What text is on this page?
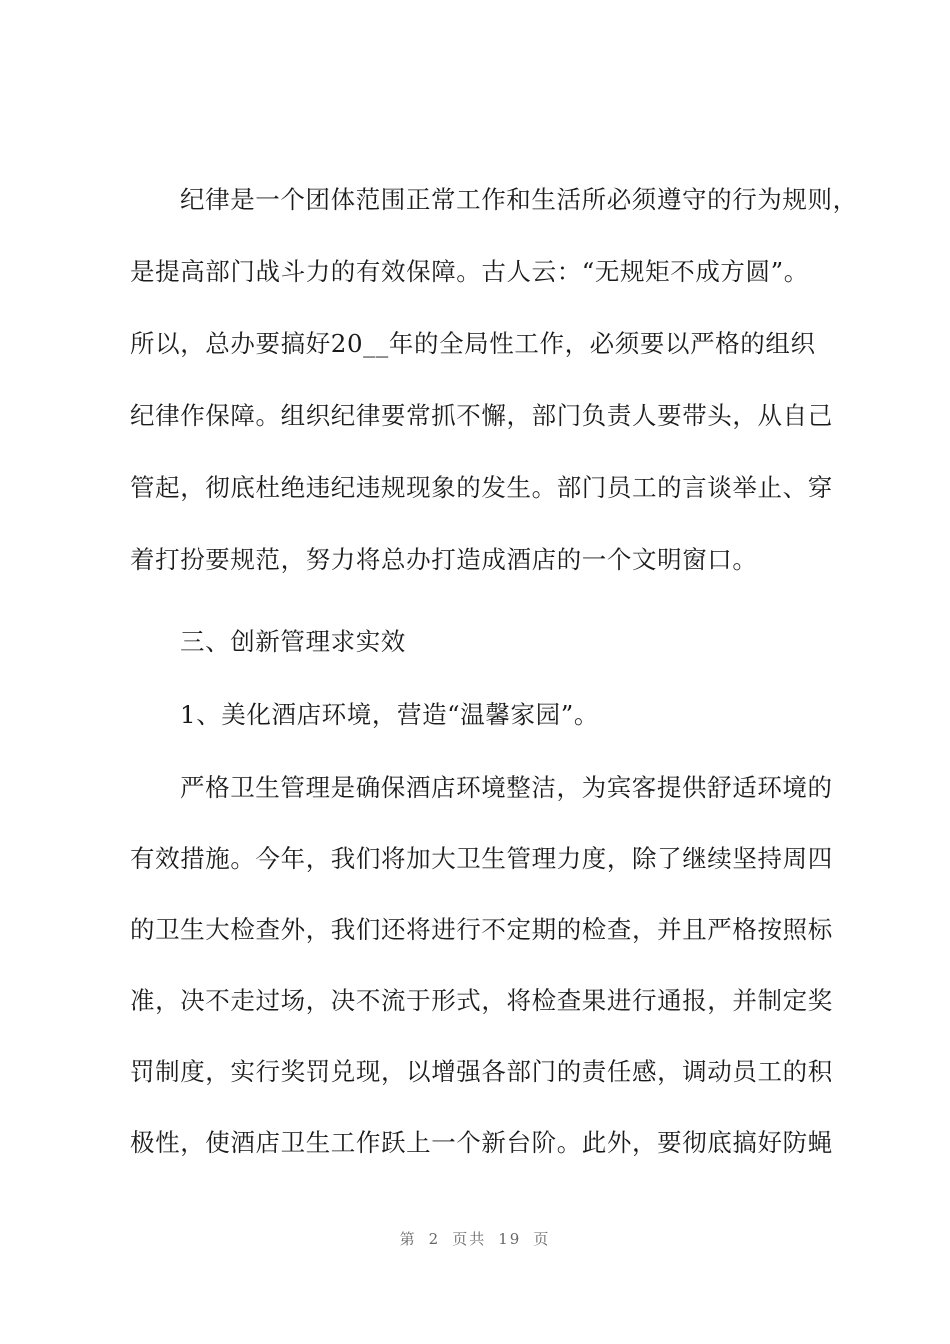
纪律是一个团体范围正常工作和生活所必须遵守的行为规则，
是提高部门战斗力的有效保障。古人云：“无规矩不成方圆”。
所以，总办要搞好20__年的全局性工作，必须要以严格的组织
纪律作保障。组织纪律要常抓不懈，部门负责人要带头，从自己
管起，彻底杜绝违纪违规现象的发生。部门员工的言谈举止、穿
着打扮要规范，努力将总办打造成酒店的一个文明窗口。
三、创新管理求实效
1、美化酒店环境，营造“温馨家园”。
严格卫生管理是确保酒店环境整洁，为宾客提供舒适环境的
有效措施。今年，我们将加大卫生管理力度，除了继续坚持周四
的卫生大检查外，我们还将进行不定期的检查，并且严格按照标
准，决不走过场，决不流于形式，将检查果进行通报，并制定奖
罚制度，实行奖罚兑现，以增强各部门的责任感，调动员工的积
极性，使酒店卫生工作跃上一个新台阶。此外，要彻底搞好防蝇
第 2 页共 19 页
